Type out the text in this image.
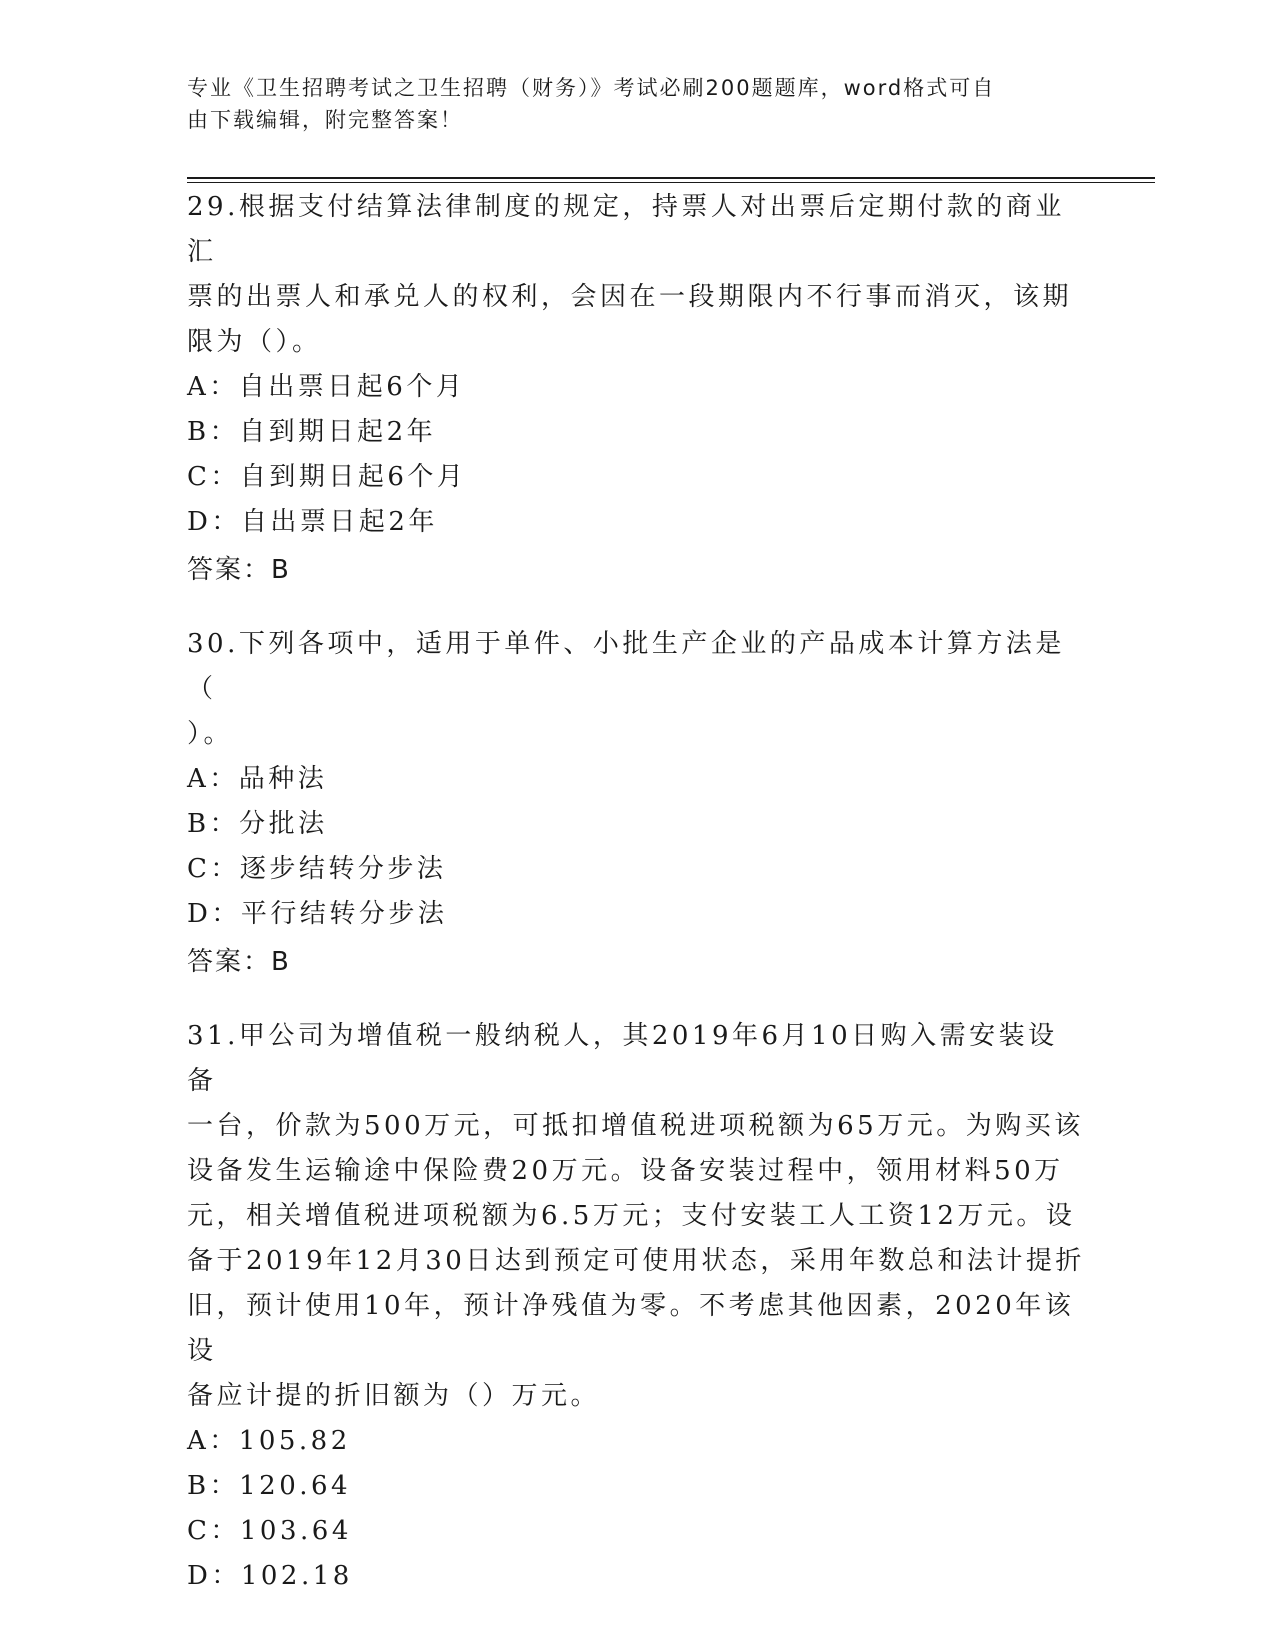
专业《卫生招聘考试之卫生招聘（财务）》考试必刷200题题库，word格式可自
由下载编辑，附完整答案！

29.根据支付结算法律制度的规定，持票人对出票后定期付款的商业汇

票的出票人和承兑人的权利，会因在一段期限内不行事而消灭，该期

限为（）。

A：自出票日起6个月

B：自到期日起2年

C：自到期日起6个月

D：自出票日起2年

答案：B

30.下列各项中，适用于单件、小批生产企业的产品成本计算方法是（

）。

A：品种法

B：分批法

C：逐步结转分步法

D：平行结转分步法

答案：B

31.甲公司为增值税一般纳税人，其2019年6月10日购入需安装设备

一台，价款为500万元，可抵扣增值税进项税额为65万元。为购买该

设备发生运输途中保险费20万元。设备安装过程中，领用材料50万

元，相关增值税进项税额为6.5万元；支付安装工人工资12万元。设

备于2019年12月30日达到预定可使用状态，采用年数总和法计提折

旧，预计使用10年，预计净残值为零。不考虑其他因素，2020年该设

备应计提的折旧额为（）万元。

A：105.82

B：120.64

C：103.64

D：102.18
